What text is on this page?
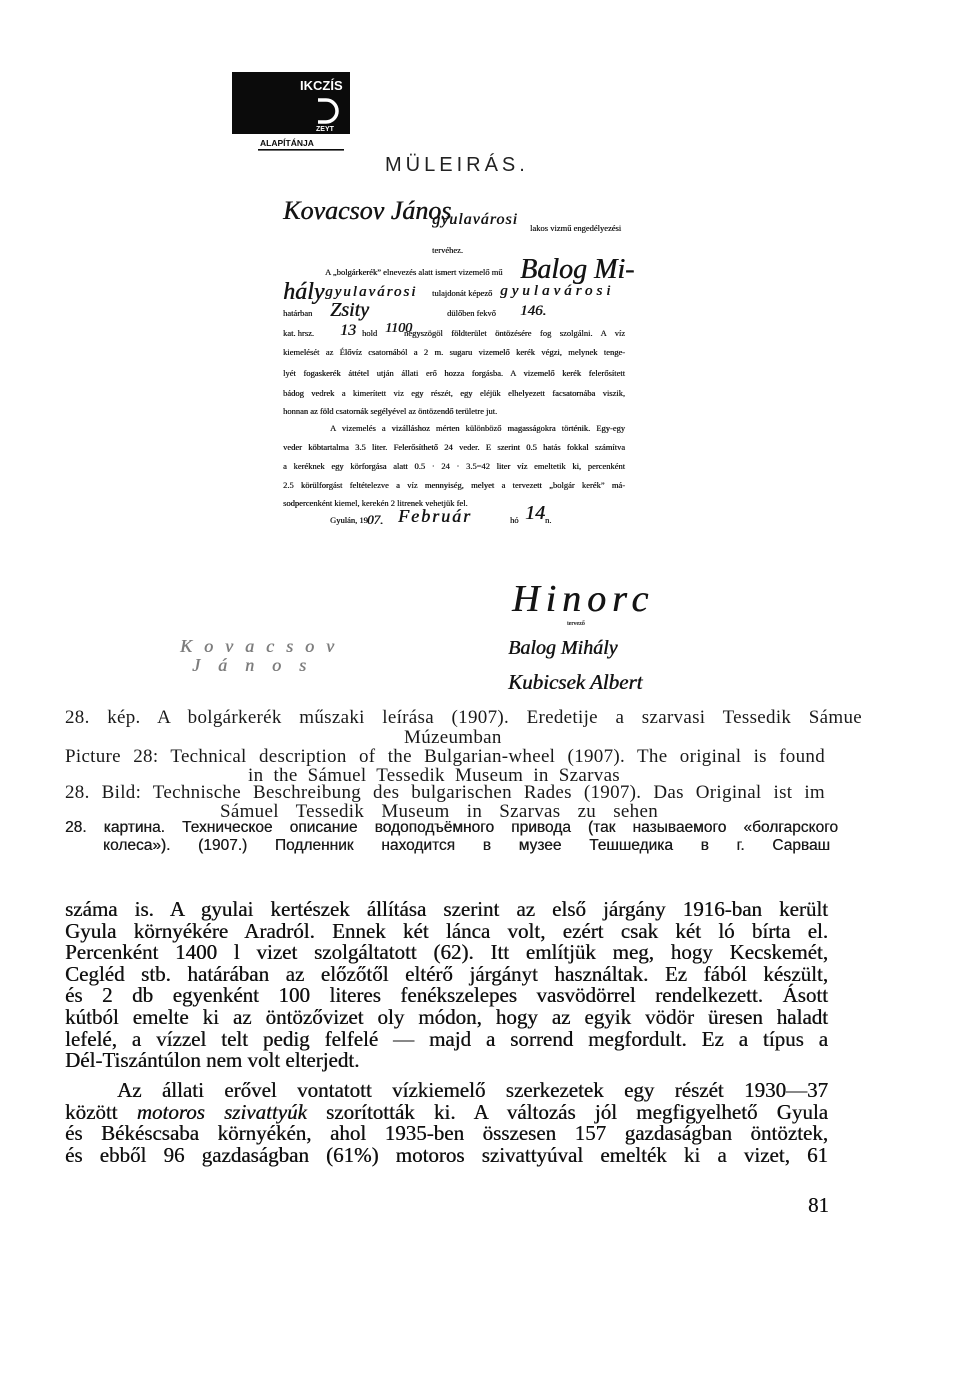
IKCZÍS
ZEYT
ALAPÍTÁNJA
MÜLEIRÁS.
Kovacsov János
gyulavárosi lakos vizmű engedélyezési
tervéhez.
A „bolgárkerék” elnevezés alatt ismert vizemelő mű Balog Mi-
hály gyulavárosi tulajdonát képező gyulavárosi
határban Zsity	dülőben fekvő 146.
kat. hrsz. 13 hold 1100
négyszögöl földterület öntözésére fog szolgálni. A víz
kiemelését az Élővíz csatornából a 2 m. sugaru vizemelő kerék végzi, melynek tenge-
lyét fogaskerék áttétel utján állati erő hozza forgásba. A vizemelő kerék felerősített
bádog vedrek a kimerített viz egy részét, egy eléjük elhelyezett facsatornába viszik,
honnan az föld csatornák segélyével az öntözendő területre jut.
A vizemelés a vizálláshoz mérten különböző magasságokra történik. Egy-egy
veder köbtartalma 3.5 liter. Felerősíthető 24 veder. E szerint 0.5 hatás fokkal számítva
a keréknek egy körforgása alatt 0.5 · 24 · 3.5=42 liter víz emeltetik ki, percenként
2.5 körülforgást feltételezve a víz mennyiség, melyet a tervezett „bolgár kerék” má-
sodpercenként kiemel, kerekén 2 litrenek vehetjük fel.
Gyulán, 19 07. Február	hó 14 n.
Hinorc
tervező
Kovacsov
János
Balog Mihály
Kubicsek Albert
28. kép. A bolgárkerék műszaki leírása (1907). Eredetije a szarvasi Tessedik Sámue
Múzeumban
Picture 28: Technical description of the Bulgarian-wheel (1907). The original is found
in the Sámuel Tessedik Museum in Szarvas
28. Bild: Technische Beschreibung des bulgarischen Rades (1907). Das Original ist im
Sámuel Tessedik Museum in Szarvas zu sehen
28. картина. Техническое описание водоподъёмного привода (так называемого «болгарского
колеса»). (1907.) Подленник находится в музее Тешшедика в г. Сарваш
száma is. A gyulai kertészek állítása szerint az első járgány 1916-ban került
Gyula környékére Aradról. Ennek két lánca volt, ezért csak két ló bírta el.
Percenként 1400 l vizet szolgáltatott (62). Itt említjük meg, hogy Kecskemét,
Cegléd stb. határában az előzőtől eltérő járgányt használtak. Ez fából készült,
és 2 db egyenként 100 literes fenékszelepes vasvödörrel rendelkezett. Ásott
kútból emelte ki az öntözővizet oly módon, hogy az egyik vödör üresen haladt
lefelé, a vízzel telt pedig felfelé — majd a sorrend megfordult. Ez a típus a
Dél-Tiszántúlon nem volt elterjedt.
Az állati erővel vontatott vízkiemelő szerkezetek egy részét 1930—37
között motoros szivattyúk szorították ki. A változás jól megfigyelhető Gyula
és Békéscsaba környékén, ahol 1935-ben összesen 157 gazdaságban öntöztek,
és ebből 96 gazdaságban (61%) motoros szivattyúval emelték ki a vizet, 61
81
